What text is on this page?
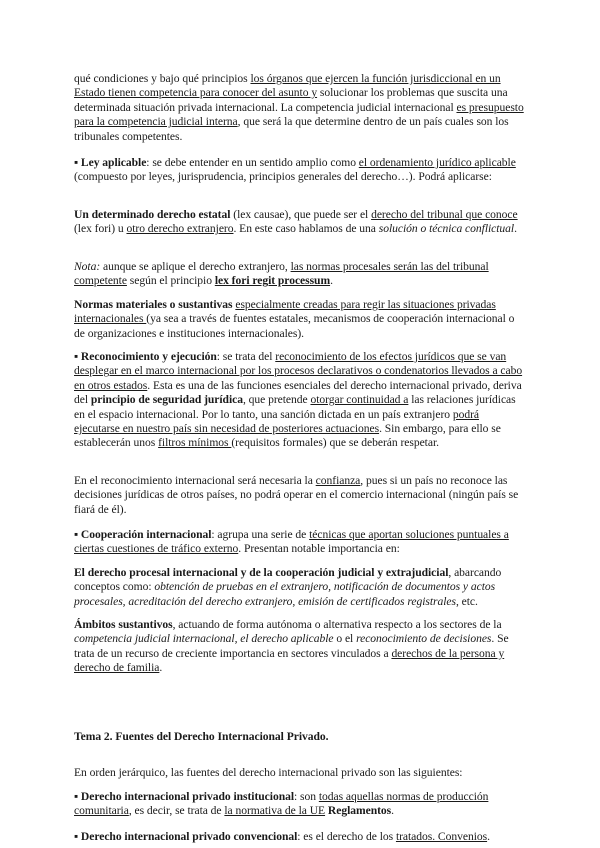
qué condiciones y bajo qué principios los órganos que ejercen la función jurisdiccional en un Estado tienen competencia para conocer del asunto y solucionar los problemas que suscita una determinada situación privada internacional. La competencia judicial internacional es presupuesto para la competencia judicial interna, que será la que determine dentro de un país cuales son los tribunales competentes.

▪ Ley aplicable: se debe entender en un sentido amplio como el ordenamiento jurídico aplicable (compuesto por leyes, jurisprudencia, principios generales del derecho…). Podrá aplicarse:

Un determinado derecho estatal (lex causae), que puede ser el derecho del tribunal que conoce (lex fori) u otro derecho extranjero. En este caso hablamos de una solución o técnica conflictual.

Nota: aunque se aplique el derecho extranjero, las normas procesales serán las del tribunal competente según el principio lex fori regit processum.

Normas materiales o sustantivas especialmente creadas para regir las situaciones privadas internacionales (ya sea a través de fuentes estatales, mecanismos de cooperación internacional o de organizaciones e instituciones internacionales).

▪ Reconocimiento y ejecución: se trata del reconocimiento de los efectos jurídicos que se van desplegar en el marco internacional por los procesos declarativos o condenatorios llevados a cabo en otros estados. Esta es una de las funciones esenciales del derecho internacional privado, deriva del principio de seguridad jurídica, que pretende otorgar continuidad a las relaciones jurídicas en el espacio internacional. Por lo tanto, una sanción dictada en un país extranjero podrá ejecutarse en nuestro país sin necesidad de posteriores actuaciones. Sin embargo, para ello se establecerán unos filtros mínimos (requisitos formales) que se deberán respetar.

En el reconocimiento internacional será necesaria la confianza, pues si un país no reconoce las decisiones jurídicas de otros países, no podrá operar en el comercio internacional (ningún país se fiará de él).

▪ Cooperación internacional: agrupa una serie de técnicas que aportan soluciones puntuales a ciertas cuestiones de tráfico externo. Presentan notable importancia en:

El derecho procesal internacional y de la cooperación judicial y extrajudicial, abarcando conceptos como: obtención de pruebas en el extranjero, notificación de documentos y actos procesales, acreditación del derecho extranjero, emisión de certificados registrales, etc.

Ámbitos sustantivos, actuando de forma autónoma o alternativa respecto a los sectores de la competencia judicial internacional, el derecho aplicable o el reconocimiento de decisiones. Se trata de un recurso de creciente importancia en sectores vinculados a derechos de la persona y derecho de familia.

Tema 2. Fuentes del Derecho Internacional Privado.

En orden jerárquico, las fuentes del derecho internacional privado son las siguientes:

▪ Derecho internacional privado institucional: son todas aquellas normas de producción comunitaria, es decir, se trata de la normativa de la UE Reglamentos.

▪ Derecho internacional privado convencional: es el derecho de los tratados. Convenios.
